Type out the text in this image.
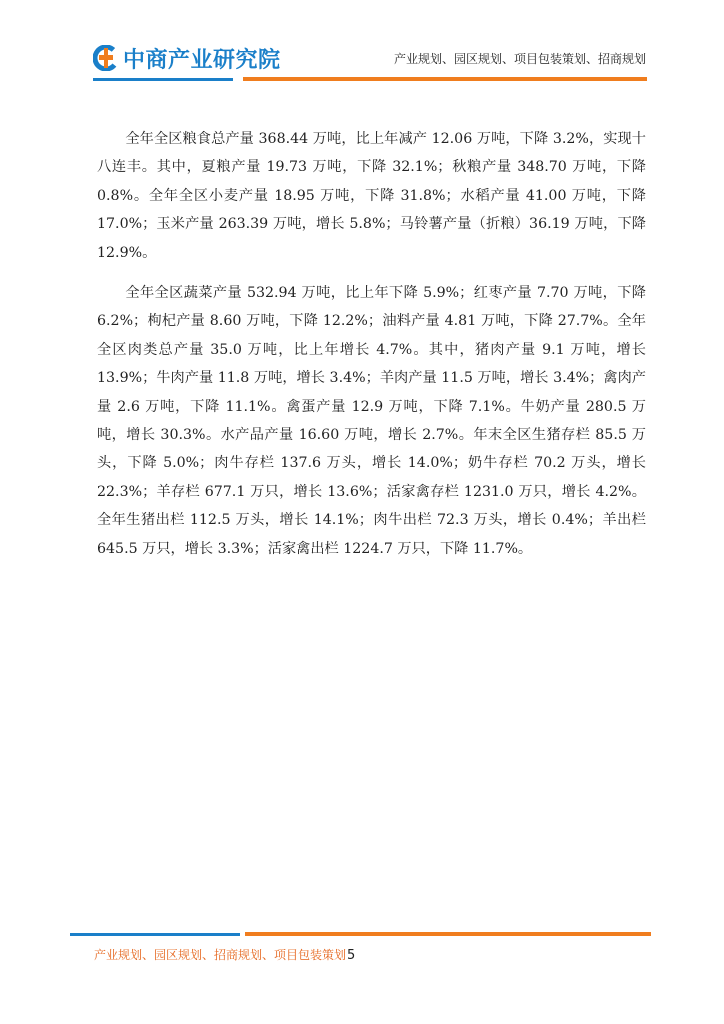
中商产业研究院	产业规划、园区规划、项目包装策划、招商规划

全年全区粮食总产量 368.44 万吨，比上年减产 12.06 万吨，下降 3.2%，实现十八连丰。其中，夏粮产量 19.73 万吨，下降 32.1%；秋粮产量 348.70 万吨，下降 0.8%。全年全区小麦产量 18.95 万吨，下降 31.8%；水稻产量 41.00 万吨，下降 17.0%；玉米产量 263.39 万吨，增长 5.8%；马铃薯产量（折粮）36.19 万吨，下降 12.9%。

全年全区蔬菜产量 532.94 万吨，比上年下降 5.9%；红枣产量 7.70 万吨，下降 6.2%；枸杞产量 8.60 万吨，下降 12.2%；油料产量 4.81 万吨，下降 27.7%。全年全区肉类总产量 35.0 万吨，比上年增长 4.7%。其中，猪肉产量 9.1 万吨，增长 13.9%；牛肉产量 11.8 万吨，增长 3.4%；羊肉产量 11.5 万吨，增长 3.4%；禽肉产量 2.6 万吨，下降 11.1%。禽蛋产量 12.9 万吨，下降 7.1%。牛奶产量 280.5 万吨，增长 30.3%。水产品产量 16.60 万吨，增长 2.7%。年末全区生猪存栏 85.5 万头，下降 5.0%；肉牛存栏 137.6 万头，增长 14.0%；奶牛存栏 70.2 万头，增长 22.3%；羊存栏 677.1 万只，增长 13.6%；活家禽存栏 1231.0 万只，增长 4.2%。全年生猪出栏 112.5 万头，增长 14.1%；肉牛出栏 72.3 万头，增长 0.4%；羊出栏 645.5 万只，增长 3.3%；活家禽出栏 1224.7 万只，下降 11.7%。

产业规划、园区规划、招商规划、项目包装策划 5
